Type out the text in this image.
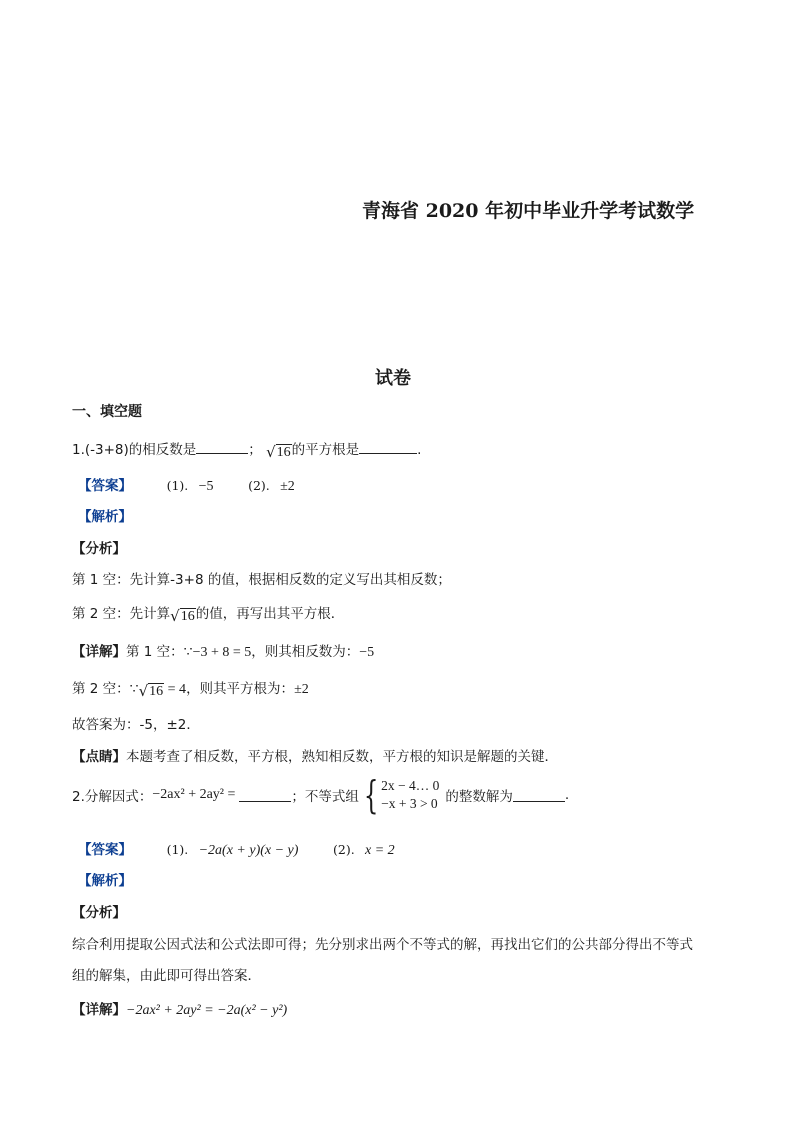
青海省 2020 年初中毕业升学考试数学
试卷
一、填空题
1.(-3+8)的相反数是	； √ 16 的平方根是	.
【答案】	(1). −5	(2). ±2
【解析】
【分析】
第 1 空：先计算-3+8 的值，根据相反数的定义写出其相反数；
第 2 空：先计算 √ 16 的值，再写出其平方根．
【详解】第 1 空：∵−3 + 8 = 5，则其相反数为：−5
第 2 空：∵ √ 16 = 4，则其平方根为：±2
故答案为：-5，±2．
【点睛】本题考查了相反数，平方根，熟知相反数，平方根的知识是解题的关键．
2.分解因式： −2ax² + 2ay² =	；不等式组 { 2x − 4… 0
−x + 3 > 0 的整数解为	.
【答案】	(1). −2a(x + y)(x − y)	(2). x = 2
【解析】
【分析】
综合利用提取公因式法和公式法即可得；先分别求出两个不等式的解，再找出它们的公共部分得出不等式
组的解集，由此即可得出答案．
【详解】−2ax² + 2ay² = −2a(x² − y²)
